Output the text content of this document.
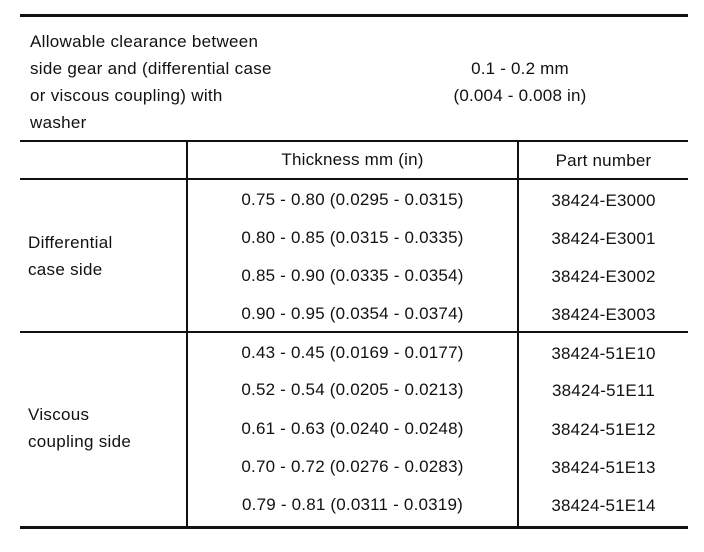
Allowable clearance between
side gear and (differential case
or viscous coupling) with
washer
0.1 - 0.2 mm
(0.004 - 0.008 in)
Thickness mm (in)	Part number
Differential
case side
0.75 - 0.80 (0.0295 - 0.0315)	38424-E3000
0.80 - 0.85 (0.0315 - 0.0335)	38424-E3001
0.85 - 0.90 (0.0335 - 0.0354)	38424-E3002
0.90 - 0.95 (0.0354 - 0.0374)	38424-E3003
Viscous
coupling side
0.43 - 0.45 (0.0169 - 0.0177)	38424-51E10
0.52 - 0.54 (0.0205 - 0.0213)	38424-51E11
0.61 - 0.63 (0.0240 - 0.0248)	38424-51E12
0.70 - 0.72 (0.0276 - 0.0283)	38424-51E13
0.79 - 0.81 (0.0311 - 0.0319)	38424-51E14
